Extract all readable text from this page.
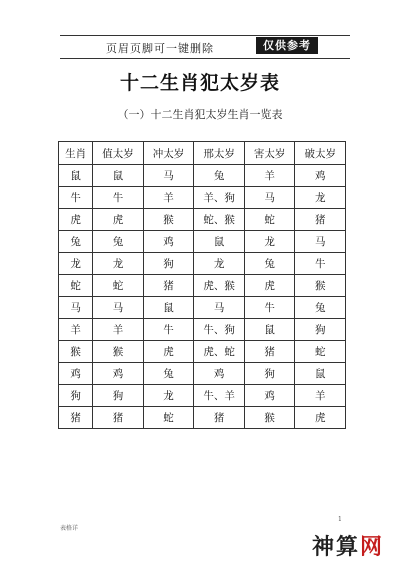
页眉页脚可一键删除	仅供参考
十二生肖犯太岁表
（一）十二生肖犯太岁生肖一览表
生肖	值太岁	冲太岁	邢太岁	害太岁	破太岁
鼠	鼠	马	兔	羊	鸡
牛	牛	羊	羊、狗	马	龙
虎	虎	猴	蛇、猴	蛇	猪
兔	兔	鸡	鼠	龙	马
龙	龙	狗	龙	兔	牛
蛇	蛇	猪	虎、猴	虎	猴
马	马	鼠	马	牛	兔
羊	羊	牛	牛、狗	鼠	狗
猴	猴	虎	虎、蛇	猪	蛇
鸡	鸡	兔	鸡	狗	鼠
狗	狗	龙	牛、羊	鸡	羊
猪	猪	蛇	猪	猴	虎
表格详
1
神算网
